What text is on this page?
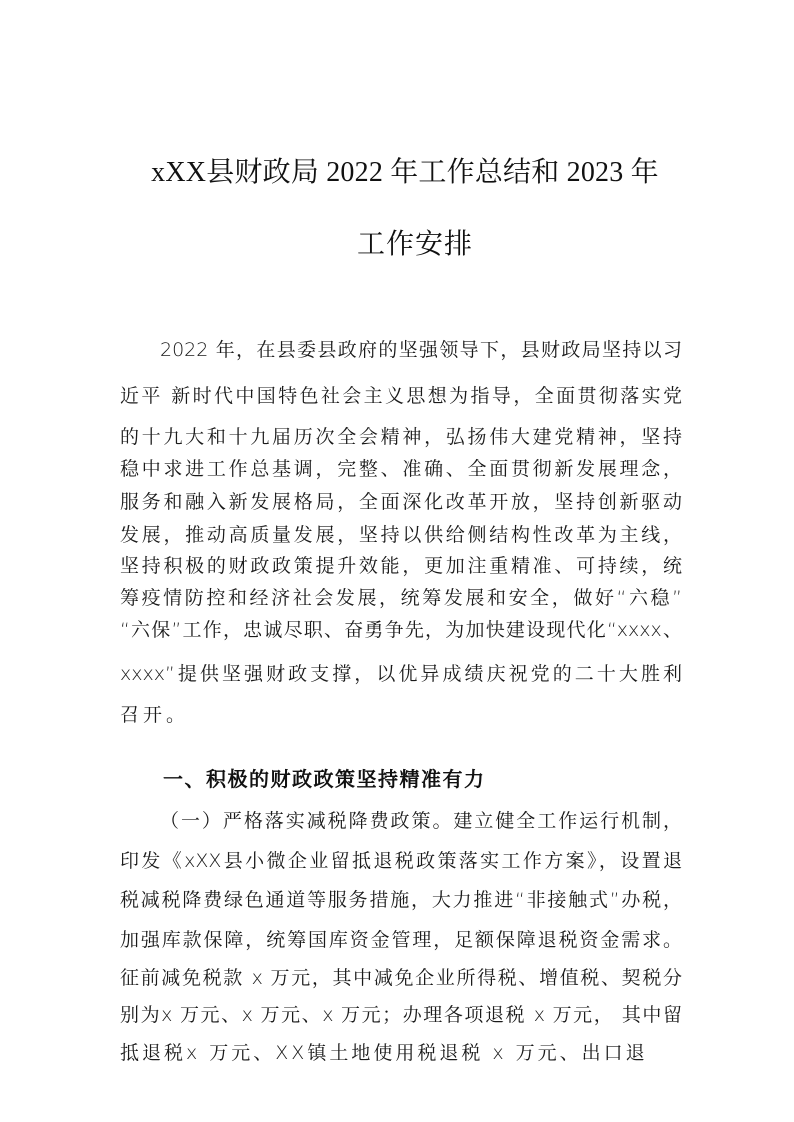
xXX县财政局 2022 年工作总结和 2023 年
工作安排
2022 年，在县委县政府的坚强领导下，县财政局坚持以习
近平 新时代中国特色社会主义思想为指导，全面贯彻落实党
的十九大和十九届历次全会精神，弘扬伟大建党精神，坚持
稳中求进工作总基调，完整、准确、全面贯彻新发展理念，
服务和融入新发展格局，全面深化改革开放，坚持创新驱动
发展，推动高质量发展，坚持以供给侧结构性改革为主线，
坚持积极的财政政策提升效能，更加注重精准、可持续，统
筹疫情防控和经济社会发展，统筹发展和安全，做好“六稳”
“六保”工作，忠诚尽职、奋勇争先，为加快建设现代化“xxxx、
xxxx”提供坚强财政支撑，以优异成绩庆祝党的二十大胜利
召开。
一、积极的财政政策坚持精准有力
（一）严格落实减税降费政策。建立健全工作运行机制，
印发《xXX县小微企业留抵退税政策落实工作方案》，设置退
税减税降费绿色通道等服务措施，大力推进“非接触式”办税，
加强库款保障，统筹国库资金管理，足额保障退税资金需求。
征前减免税款 x 万元，其中减免企业所得税、增值税、契税分
别为x 万元、x 万元、x 万元；办理各项退税 x 万元， 其中留
抵退税x 万元、XX镇土地使用税退税 x 万元、出口退
